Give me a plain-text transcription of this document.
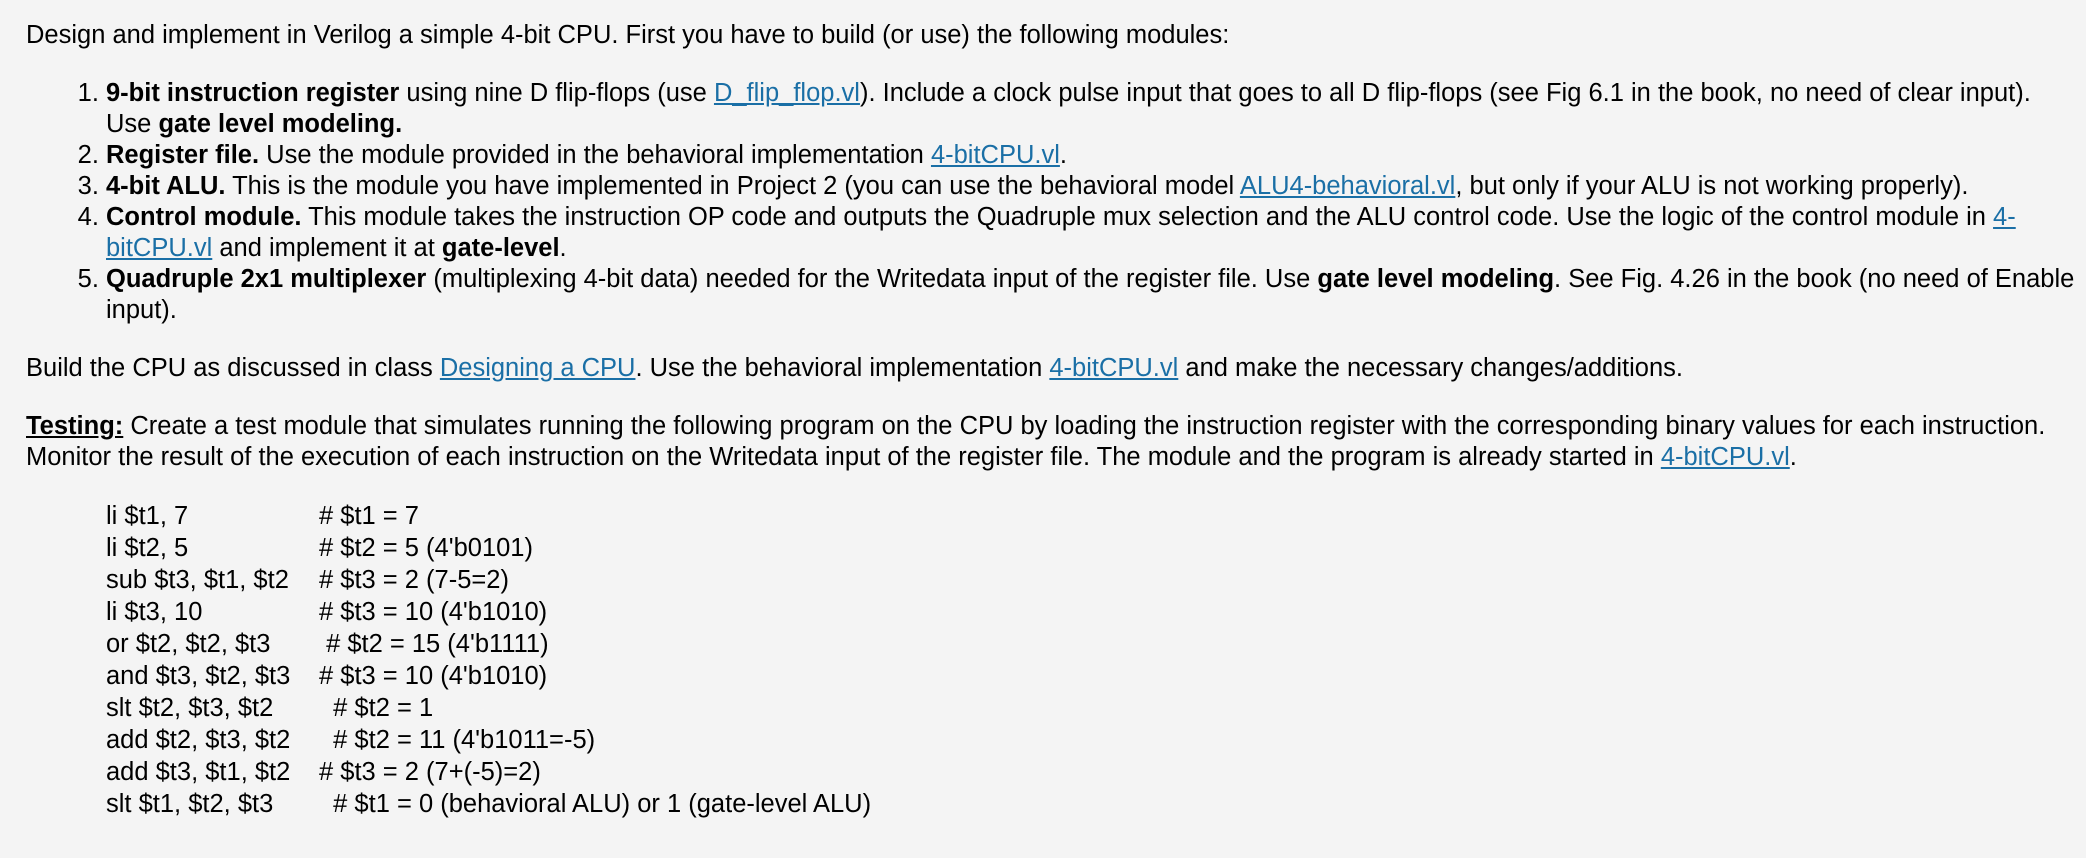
Design and implement in Verilog a simple 4-bit CPU. First you have to build (or use) the following modules:

1. 9-bit instruction register using nine D flip-flops (use D_flip_flop.vl). Include a clock pulse input that goes to all D flip-flops (see Fig 6.1 in the book, no need of clear input). Use gate level modeling.
2. Register file. Use the module provided in the behavioral implementation 4-bitCPU.vl.
3. 4-bit ALU. This is the module you have implemented in Project 2 (you can use the behavioral model ALU4-behavioral.vl, but only if your ALU is not working properly).
4. Control module. This module takes the instruction OP code and outputs the Quadruple mux selection and the ALU control code. Use the logic of the control module in 4-bitCPU.vl and implement it at gate-level.
5. Quadruple 2x1 multiplexer (multiplexing 4-bit data) needed for the Writedata input of the register file. Use gate level modeling. See Fig. 4.26 in the book (no need of Enable input).

Build the CPU as discussed in class Designing a CPU. Use the behavioral implementation 4-bitCPU.vl and make the necessary changes/additions.

Testing: Create a test module that simulates running the following program on the CPU by loading the instruction register with the corresponding binary values for each instruction. Monitor the result of the execution of each instruction on the Writedata input of the register file. The module and the program is already started in 4-bitCPU.vl.

li $t1, 7	# $t1 = 7
li $t2, 5	# $t2 = 5 (4'b0101)
sub $t3, $t1, $t2	# $t3 = 2 (7-5=2)
li $t3, 10	# $t3 = 10 (4'b1010)
or $t2, $t2, $t3	# $t2 = 15 (4'b1111)
and $t3, $t2, $t3	# $t3 = 10 (4'b1010)
slt $t2, $t3, $t2	# $t2 = 1
add $t2, $t3, $t2	# $t2 = 11 (4'b1011=-5)
add $t3, $t1, $t2	# $t3 = 2 (7+(-5)=2)
slt $t1, $t2, $t3	# $t1 = 0 (behavioral ALU) or 1 (gate-level ALU)
